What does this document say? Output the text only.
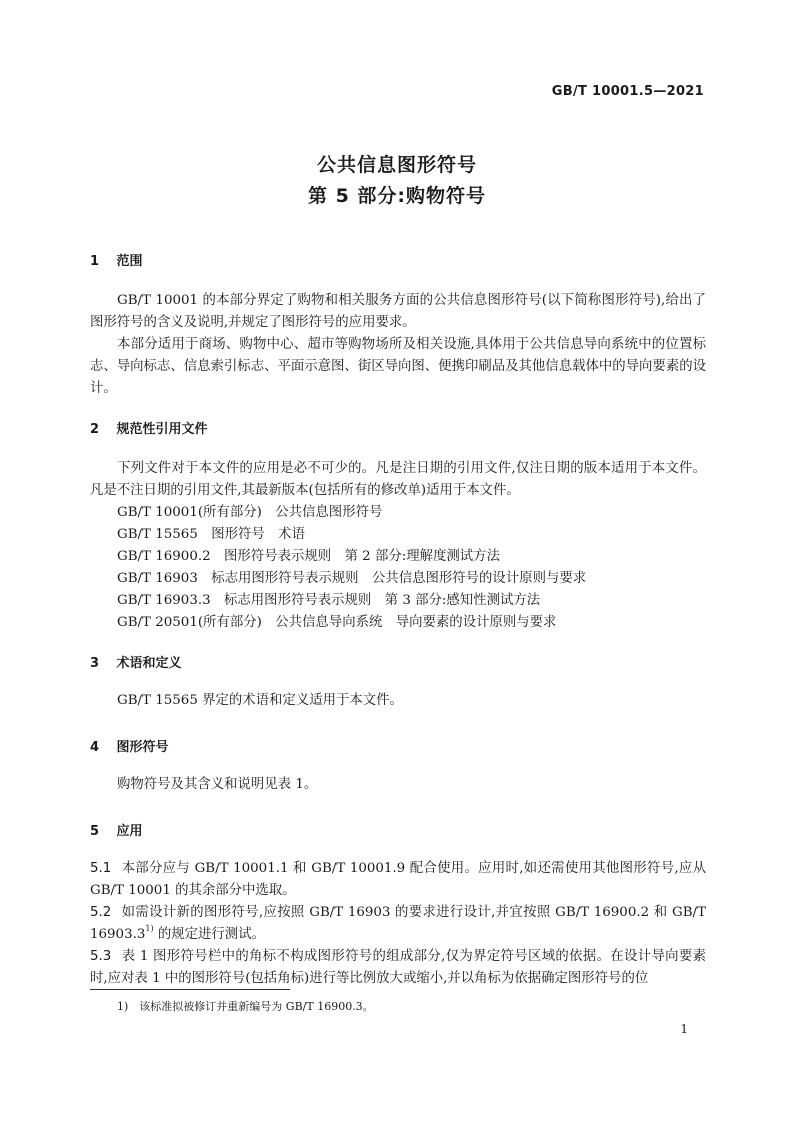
GB/T 10001.5—2021
公共信息图形符号
第 5 部分:购物符号
1 范围
GB/T 10001 的本部分界定了购物和相关服务方面的公共信息图形符号(以下简称图形符号),给出了图形符号的含义及说明,并规定了图形符号的应用要求。
本部分适用于商场、购物中心、超市等购物场所及相关设施,具体用于公共信息导向系统中的位置标志、导向标志、信息索引标志、平面示意图、街区导向图、便携印刷品及其他信息载体中的导向要素的设计。
2 规范性引用文件
下列文件对于本文件的应用是必不可少的。凡是注日期的引用文件,仅注日期的版本适用于本文件。凡是不注日期的引用文件,其最新版本(包括所有的修改单)适用于本文件。
GB/T 10001(所有部分)　公共信息图形符号
GB/T 15565　图形符号　术语
GB/T 16900.2　图形符号表示规则　第 2 部分:理解度测试方法
GB/T 16903　标志用图形符号表示规则　公共信息图形符号的设计原则与要求
GB/T 16903.3　标志用图形符号表示规则　第 3 部分:感知性测试方法
GB/T 20501(所有部分)　公共信息导向系统　导向要素的设计原则与要求
3 术语和定义
GB/T 15565 界定的术语和定义适用于本文件。
4 图形符号
购物符号及其含义和说明见表 1。
5 应用
5.1 本部分应与 GB/T 10001.1 和 GB/T 10001.9 配合使用。应用时,如还需使用其他图形符号,应从 GB/T 10001 的其余部分中选取。
5.2 如需设计新的图形符号,应按照 GB/T 16903 的要求进行设计,并宜按照 GB/T 16900.2 和 GB/T 16903.3$^{1)}$ 的规定进行测试。
5.3 表 1 图形符号栏中的角标不构成图形符号的组成部分,仅为界定符号区域的依据。在设计导向要素时,应对表 1 中的图形符号(包括角标)进行等比例放大或缩小,并以角标为依据确定图形符号的位
1)　该标准拟被修订并重新编号为 GB/T 16900.3。
1
